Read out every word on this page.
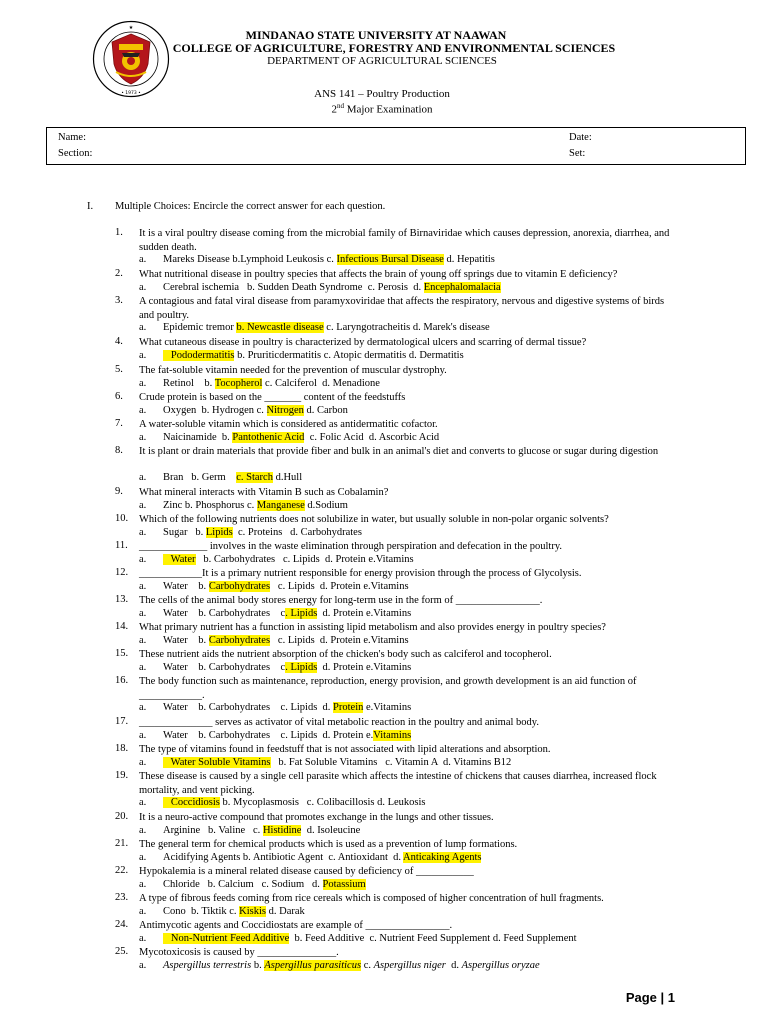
★
• 1973 •
MINDANAO STATE UNIVERSITY AT NAAWAN
COLLEGE OF AGRICULTURE, FORESTRY AND ENVIRONMENTAL SCIENCES
DEPARTMENT OF AGRICULTURAL SCIENCES
ANS 141 – Poultry Production
2nd Major Examination
Name:	Date:
Section:	Set:
I. Multiple Choices: Encircle the correct answer for each question.
1.	It is a viral poultry disease coming from the microbial family of Birnaviridae which causes depression, anorexia, diarrhea, and sudden death.
a. Mareks Disease b.Lymphoid Leukosis c. Infectious Bursal Disease d. Hepatitis
2.	What nutritional disease in poultry species that affects the brain of young off springs due to vitamin E deficiency?
a. Cerebral ischemia   b. Sudden Death Syndrome  c. Perosis  d. Encephalomalacia
3.	A contagious and fatal viral disease from paramyxoviridae that affects the respiratory, nervous and digestive systems of birds and poultry.
a. Epidemic tremor b. Newcastle disease c. Laryngotracheitis d. Marek's disease
4.	What cutaneous disease in poultry is characterized by dermatological ulcers and scarring of dermal tissue?
a.   Pododermatitis b. Pruriticdermatitis c. Atopic dermatitis d. Dermatitis
5.	The fat-soluble vitamin needed for the prevention of muscular dystrophy.
a. Retinol    b. Tocopherol c. Calciferol  d. Menadione
6.	Crude protein is based on the _______ content of the feedstuffs
a. Oxygen  b. Hydrogen c. Nitrogen d. Carbon
7.	A water-soluble vitamin which is considered as antidermatitic cofactor.
a. Naicinamide  b. Pantothenic Acid  c. Folic Acid  d. Ascorbic Acid
8.	It is plant or drain materials that provide fiber and bulk in an animal's diet and converts to glucose or sugar during digestion
a. Bran   b. Germ    c. Starch d.Hull
9.	What mineral interacts with Vitamin B such as Cobalamin?
a. Zinc b. Phosphorus c. Manganese d.Sodium
10.	Which of the following nutrients does not solubilize in water, but usually soluble in non-polar organic solvents?
a. Sugar   b. Lipids  c. Proteins   d. Carbohydrates
11.	_____________ involves in the waste elimination through perspiration and defecation in the poultry.
a.   Water   b. Carbohydrates   c. Lipids  d. Protein e.Vitamins
12.	____________It is a primary nutrient responsible for energy provision through the process of Glycolysis.
a. Water    b. Carbohydrates   c. Lipids  d. Protein e.Vitamins
13.	The cells of the animal body stores energy for long-term use in the form of ________________.
a. Water    b. Carbohydrates    c. Lipids  d. Protein e.Vitamins
14.	What primary nutrient has a function in assisting lipid metabolism and also provides energy in poultry species?
a. Water    b. Carbohydrates   c. Lipids  d. Protein e.Vitamins
15.	These nutrient aids the nutrient absorption of the chicken's body such as calciferol and tocopherol.
a. Water    b. Carbohydrates    c. Lipids  d. Protein e.Vitamins
16.	The body function such as maintenance, reproduction, energy provision, and growth development is an aid function of ____________.
a. Water    b. Carbohydrates    c. Lipids  d. Protein e.Vitamins
17.	______________ serves as activator of vital metabolic reaction in the poultry and animal body.
a. Water    b. Carbohydrates    c. Lipids  d. Protein e.Vitamins
18.	The type of vitamins found in feedstuff that is not associated with lipid alterations and absorption.
a.   Water Soluble Vitamins   b. Fat Soluble Vitamins   c. Vitamin A  d. Vitamins B12
19.	These disease is caused by a single cell parasite which affects the intestine of chickens that causes diarrhea, increased flock mortality, and vent picking.
a.   Coccidiosis b. Mycoplasmosis   c. Colibacillosis d. Leukosis
20.	It is a neuro-active compound that promotes exchange in the lungs and other tissues.
a. Arginine   b. Valine   c. Histidine  d. Isoleucine
21.	The general term for chemical products which is used as a prevention of lump formations.
a. Acidifying Agents b. Antibiotic Agent  c. Antioxidant  d. Anticaking Agents
22.	Hypokalemia is a mineral related disease caused by deficiency of ___________
a. Chloride   b. Calcium   c. Sodium   d. Potassium
23.	A type of fibrous feeds coming from rice cereals which is composed of higher concentration of hull fragments.
a. Cono  b. Tiktik c. Kiskis d. Darak
24.	Antimycotic agents and Coccidiostats are example of ________________.
a.   Non-Nutrient Feed Additive  b. Feed Additive  c. Nutrient Feed Supplement d. Feed Supplement
25.	Mycotoxicosis is caused by _______________.
a. Aspergillus terrestris b. Aspergillus parasiticus c. Aspergillus niger  d. Aspergillus oryzae
Page | 1
